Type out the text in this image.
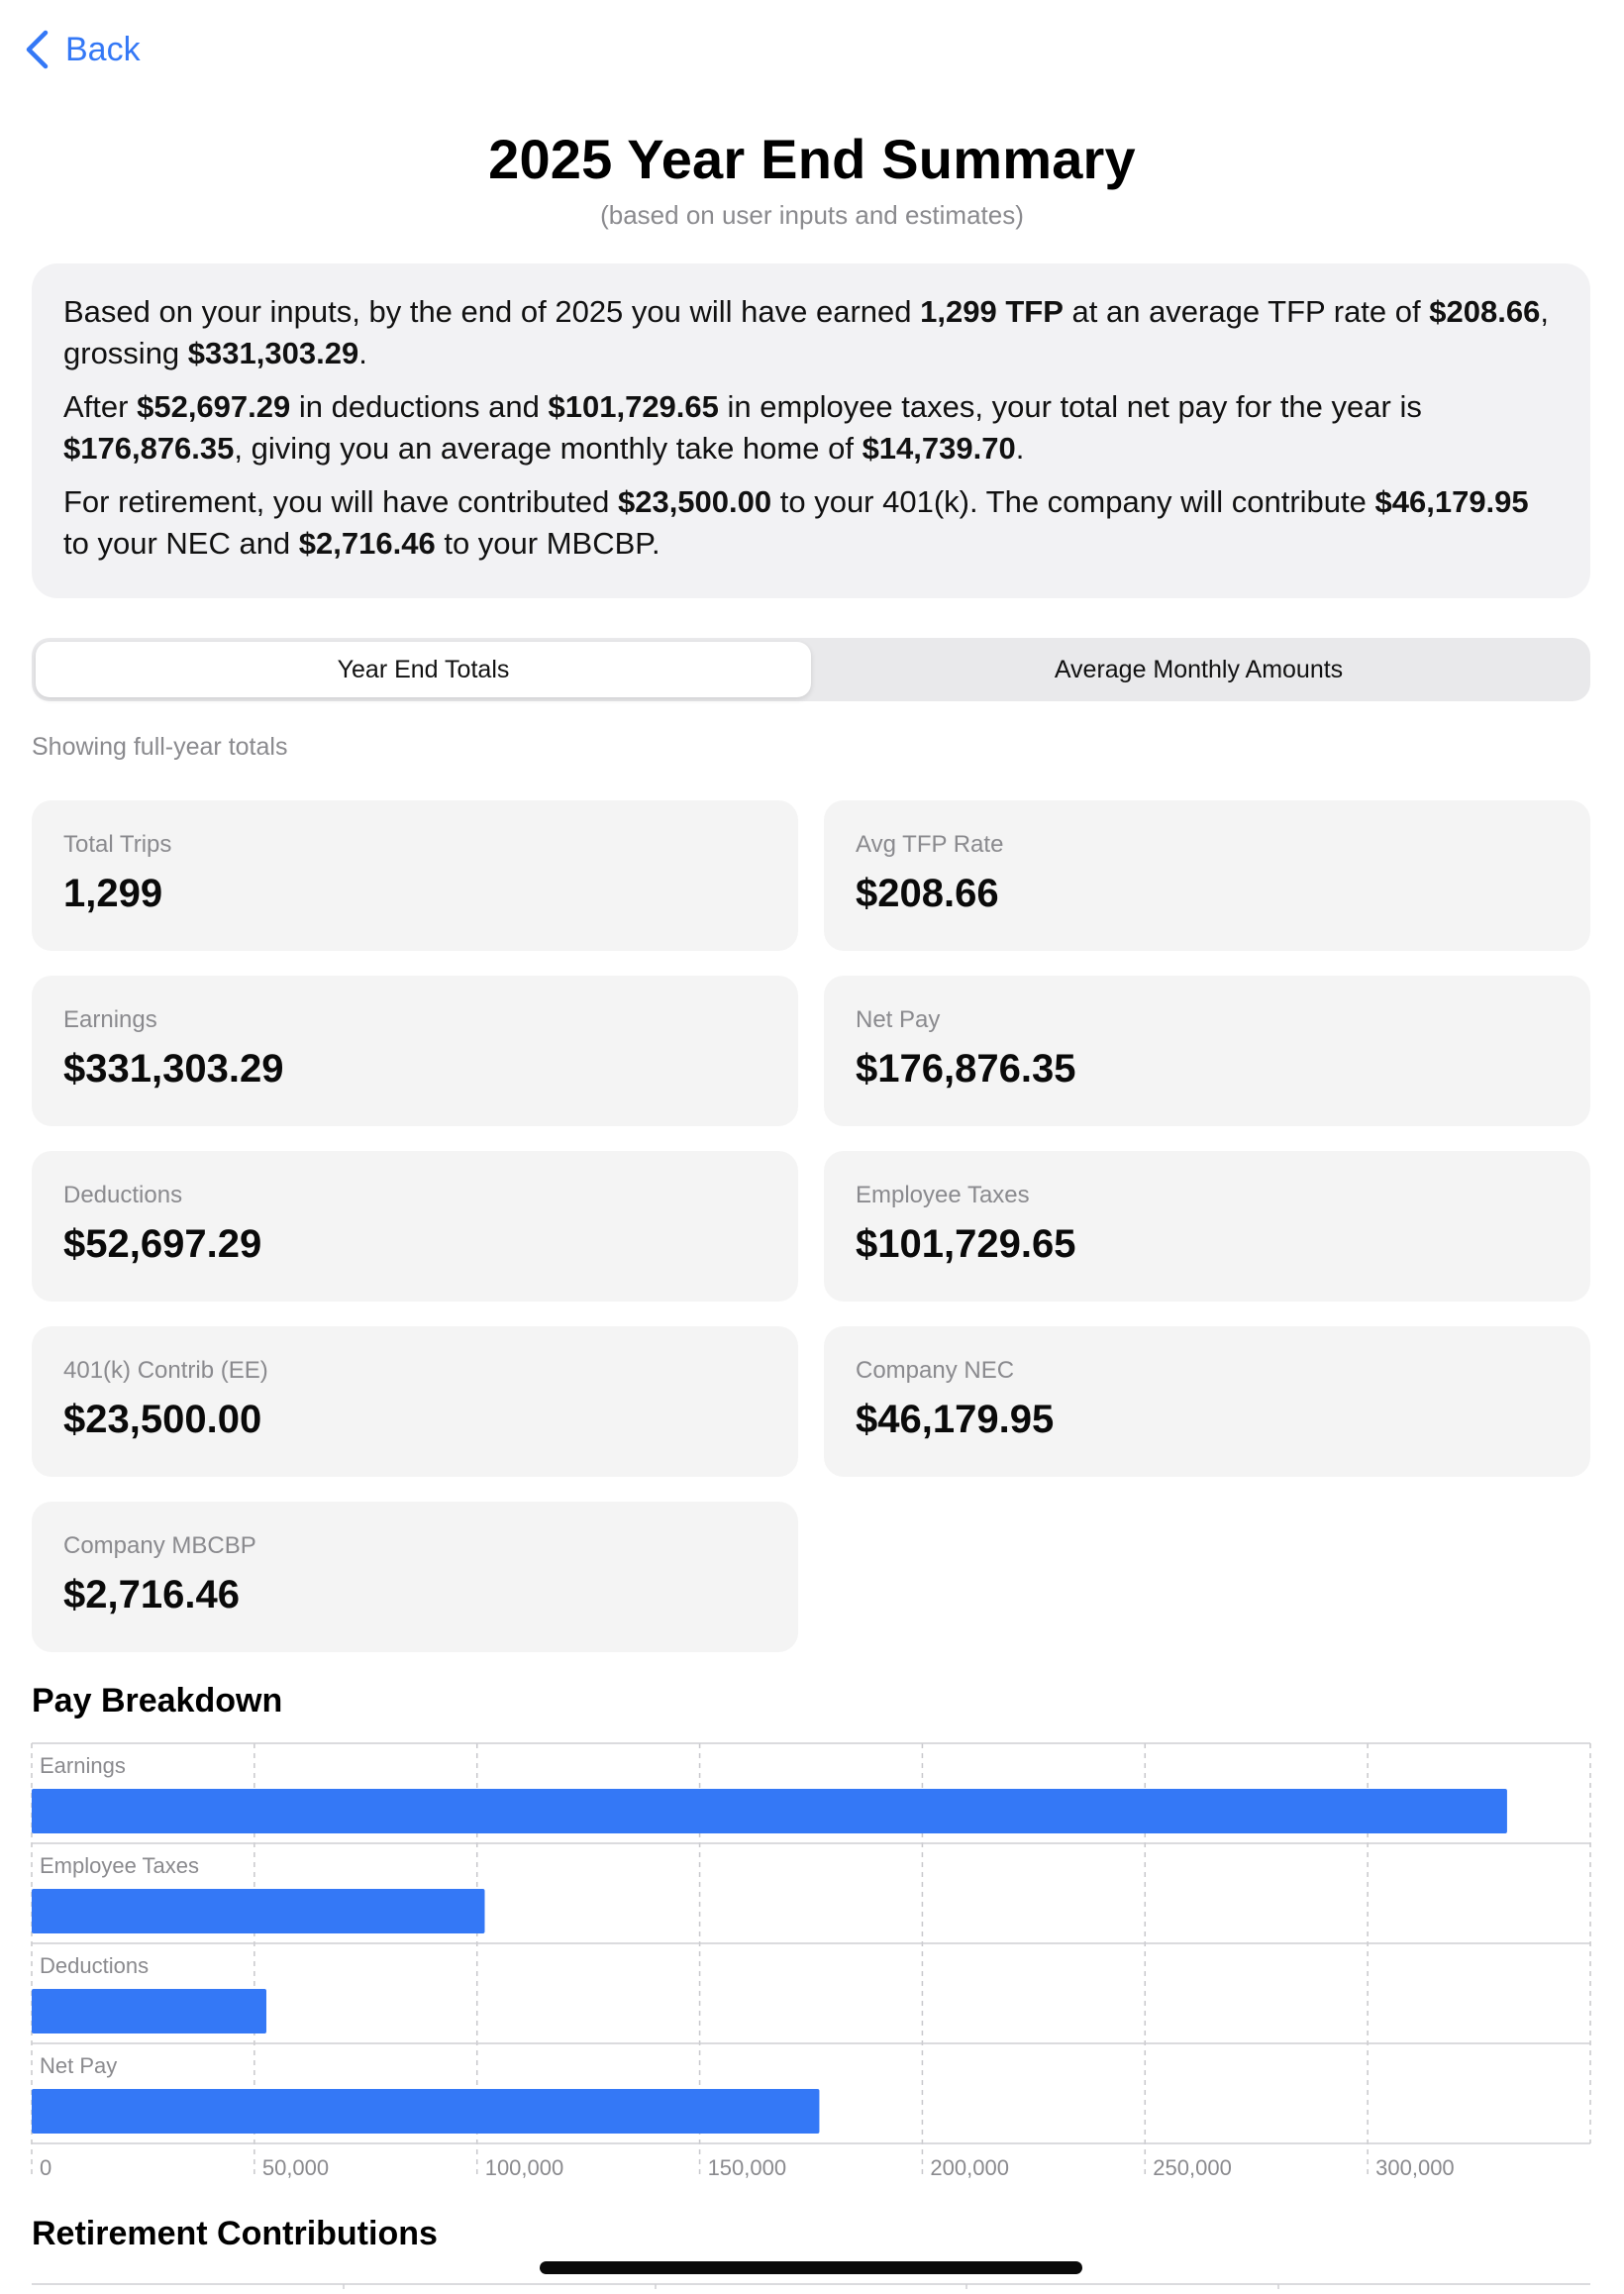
Back
2025 Year End Summary
(based on user inputs and estimates)

Based on your inputs, by the end of 2025 you will have earned 1,299 TFP at an average TFP rate of $208.66, grossing $331,303.29.

After $52,697.29 in deductions and $101,729.65 in employee taxes, your total net pay for the year is $176,876.35, giving you an average monthly take home of $14,739.70.

For retirement, you will have contributed $23,500.00 to your 401(k). The company will contribute $46,179.95 to your NEC and $2,716.46 to your MBCBP.

Year End Totals	Average Monthly Amounts
Showing full-year totals
Total Trips
1,299
Avg TFP Rate
$208.66
Earnings
$331,303.29
Net Pay
$176,876.35
Deductions
$52,697.29
Employee Taxes
$101,729.65
401(k) Contrib (EE)
$23,500.00
Company NEC
$46,179.95
Company MBCBP
$2,716.46
Pay Breakdown
Earnings
Employee Taxes
Deductions
Net Pay
0	50,000	100,000	150,000	200,000	250,000	300,000
Retirement Contributions
